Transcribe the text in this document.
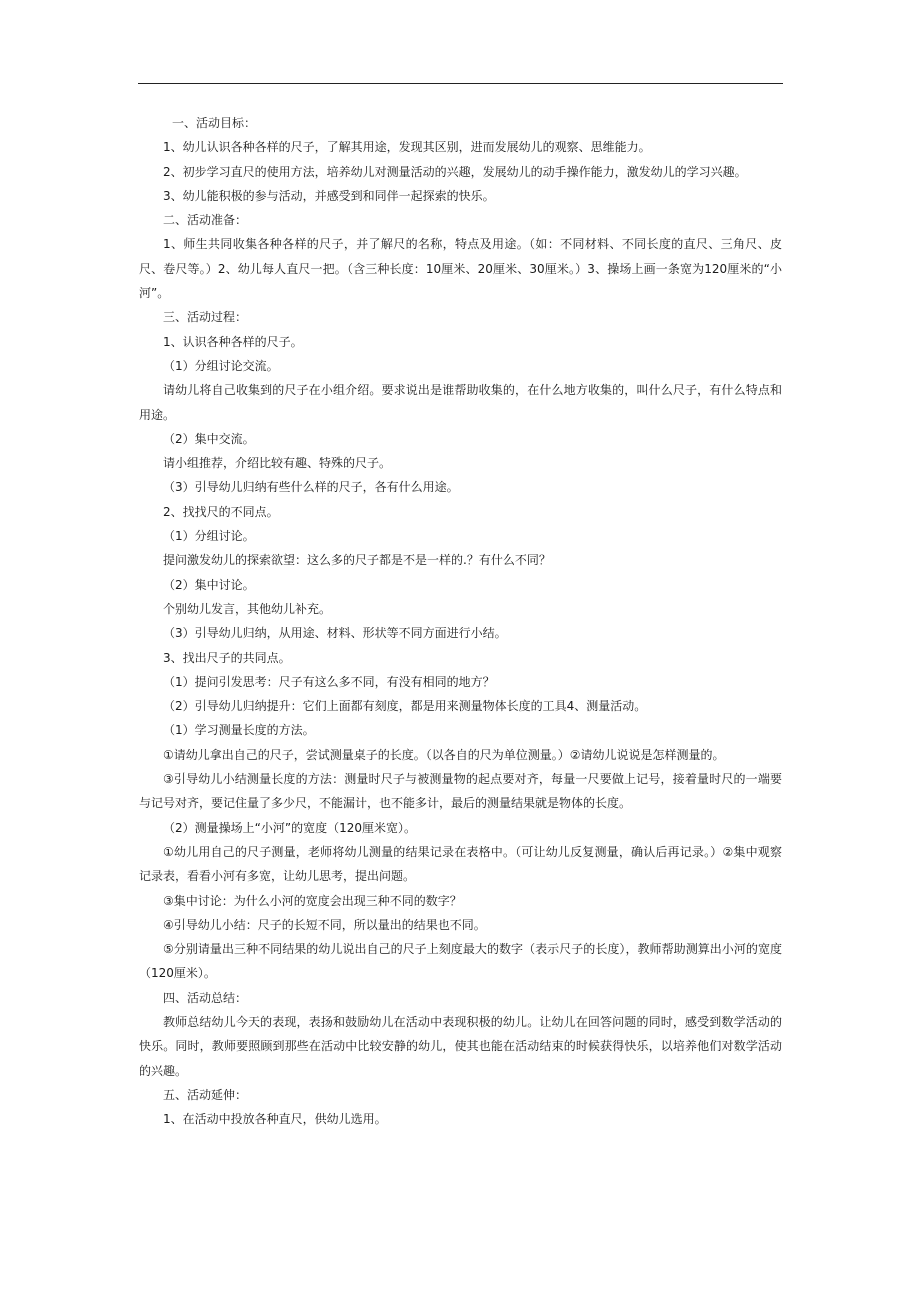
一、活动目标：

1、幼儿认识各种各样的尺子，了解其用途，发现其区别，进而发展幼儿的观察、思维能力。

2、初步学习直尺的使用方法，培养幼儿对测量活动的兴趣，发展幼儿的动手操作能力，激发幼儿的学习兴趣。

3、幼儿能积极的参与活动，并感受到和同伴一起探索的快乐。

二、活动准备：

1、师生共同收集各种各样的尺子，并了解尺的名称，特点及用途。（如：不同材料、不同长度的直尺、三角尺、皮尺、卷尺等。）2、幼儿每人直尺一把。（含三种长度：10厘米、20厘米、30厘米。）3、操场上画一条宽为120厘米的“小河”。

三、活动过程：

1、认识各种各样的尺子。

（1）分组讨论交流。

请幼儿将自己收集到的尺子在小组介绍。要求说出是谁帮助收集的，在什么地方收集的，叫什么尺子，有什么特点和用途。

（2）集中交流。

请小组推荐，介绍比较有趣、特殊的尺子。

（3）引导幼儿归纳有些什么样的尺子，各有什么用途。

2、找找尺的不同点。

（1）分组讨论。

提问激发幼儿的探索欲望：这么多的尺子都是不是一样的.？有什么不同？

（2）集中讨论。

个别幼儿发言，其他幼儿补充。

（3）引导幼儿归纳，从用途、材料、形状等不同方面进行小结。

3、找出尺子的共同点。

（1）提问引发思考：尺子有这么多不同，有没有相同的地方？

（2）引导幼儿归纳提升：它们上面都有刻度，都是用来测量物体长度的工具4、测量活动。

（1）学习测量长度的方法。

①请幼儿拿出自己的尺子，尝试测量桌子的长度。（以各自的尺为单位测量。）②请幼儿说说是怎样测量的。

③引导幼儿小结测量长度的方法：测量时尺子与被测量物的起点要对齐，每量一尺要做上记号，接着量时尺的一端要与记号对齐，要记住量了多少尺，不能漏计，也不能多计，最后的测量结果就是物体的长度。

（2）测量操场上“小河”的宽度（120厘米宽）。

①幼儿用自己的尺子测量，老师将幼儿测量的结果记录在表格中。（可让幼儿反复测量，确认后再记录。）②集中观察记录表，看看小河有多宽，让幼儿思考，提出问题。

③集中讨论：为什么小河的宽度会出现三种不同的数字？

④引导幼儿小结：尺子的长短不同，所以量出的结果也不同。

⑤分别请量出三种不同结果的幼儿说出自己的尺子上刻度最大的数字（表示尺子的长度），教师帮助测算出小河的宽度（120厘米）。

四、活动总结：

教师总结幼儿今天的表现，表扬和鼓励幼儿在活动中表现积极的幼儿。让幼儿在回答问题的同时，感受到数学活动的快乐。同时，教师要照顾到那些在活动中比较安静的幼儿，使其也能在活动结束的时候获得快乐，以培养他们对数学活动的兴趣。

五、活动延伸：

1、在活动中投放各种直尺，供幼儿选用。
